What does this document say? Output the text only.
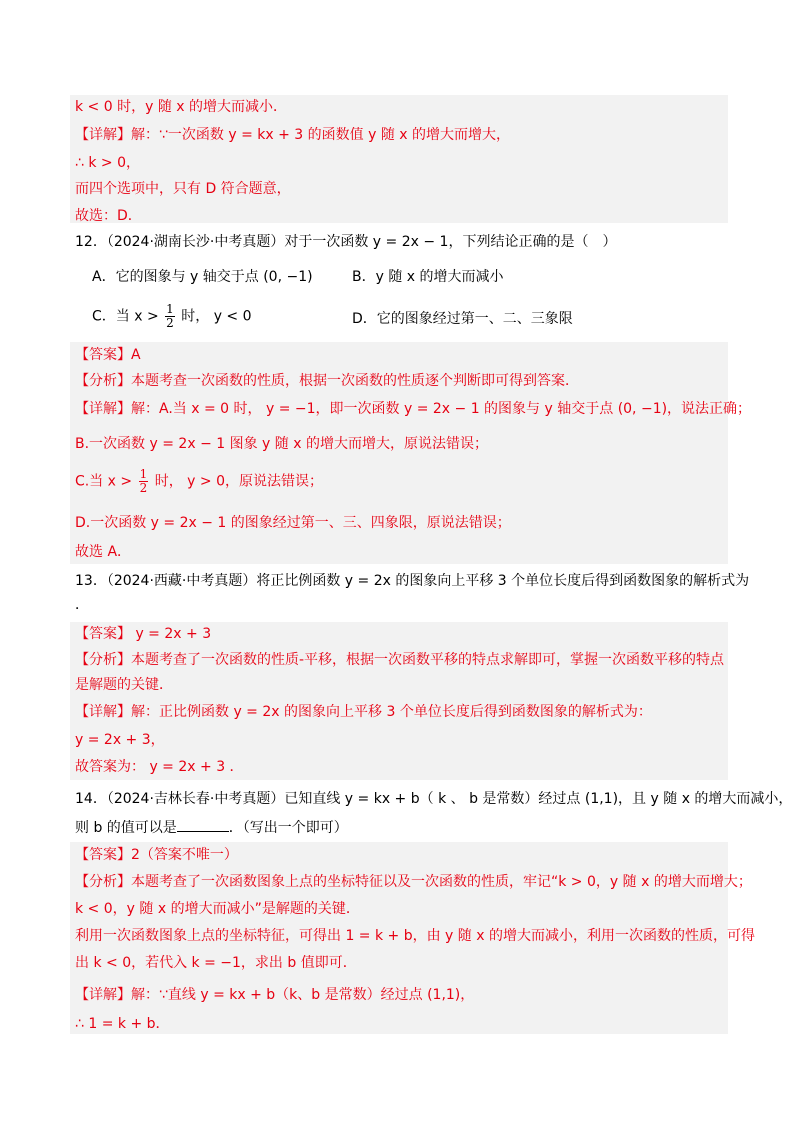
k < 0 时，y 随 x 的增大而减小．
【详解】解：∵一次函数 y = kx + 3 的函数值 y 随 x 的增大而增大，
∴ k > 0，
而四个选项中，只有 D 符合题意，
故选：D．
12．（2024·湖南长沙·中考真题）对于一次函数 y = 2x − 1，下列结论正确的是（　）
A．它的图象与 y 轴交于点 (0, −1)	B．y 随 x 的增大而减小
C．当 $x > \frac{1}{2}$ 时， y < 0	D．它的图象经过第一、二、三象限
【答案】A
【分析】本题考查一次函数的性质，根据一次函数的性质逐个判断即可得到答案．
【详解】解：A.当 x = 0 时， y = −1，即一次函数 y = 2x − 1 的图象与 y 轴交于点 (0, −1)，说法正确；
B.一次函数 y = 2x − 1 图象 y 随 x 的增大而增大，原说法错误；
C.当 $x > \frac{1}{2}$ 时， y > 0，原说法错误；
D.一次函数 y = 2x − 1 的图象经过第一、三、四象限，原说法错误；
故选 A．
13．（2024·西藏·中考真题）将正比例函数 y = 2x 的图象向上平移 3 个单位长度后得到函数图象的解析式为
．
【答案】 y = 2x + 3
【分析】本题考查了一次函数的性质-平移，根据一次函数平移的特点求解即可，掌握一次函数平移的特点
是解题的关键．
【详解】解：正比例函数 y = 2x 的图象向上平移 3 个单位长度后得到函数图象的解析式为：
y = 2x + 3，
故答案为： y = 2x + 3 ．
14．（2024·吉林长春·中考真题）已知直线 y = kx + b（ k 、 b 是常数）经过点 (1,1)，且 y 随 x 的增大而减小，
则 b 的值可以是	．（写出一个即可）
【答案】2（答案不唯一）
【分析】本题考查了一次函数图象上点的坐标特征以及一次函数的性质，牢记“k > 0，y 随 x 的增大而增大；
k < 0，y 随 x 的增大而减小”是解题的关键．
利用一次函数图象上点的坐标特征，可得出 1 = k + b，由 y 随 x 的增大而减小，利用一次函数的性质，可得
出 k < 0，若代入 k = −1，求出 b 值即可．
【详解】解：∵直线 y = kx + b（k、b 是常数）经过点 (1,1)，
∴ 1 = k + b．
